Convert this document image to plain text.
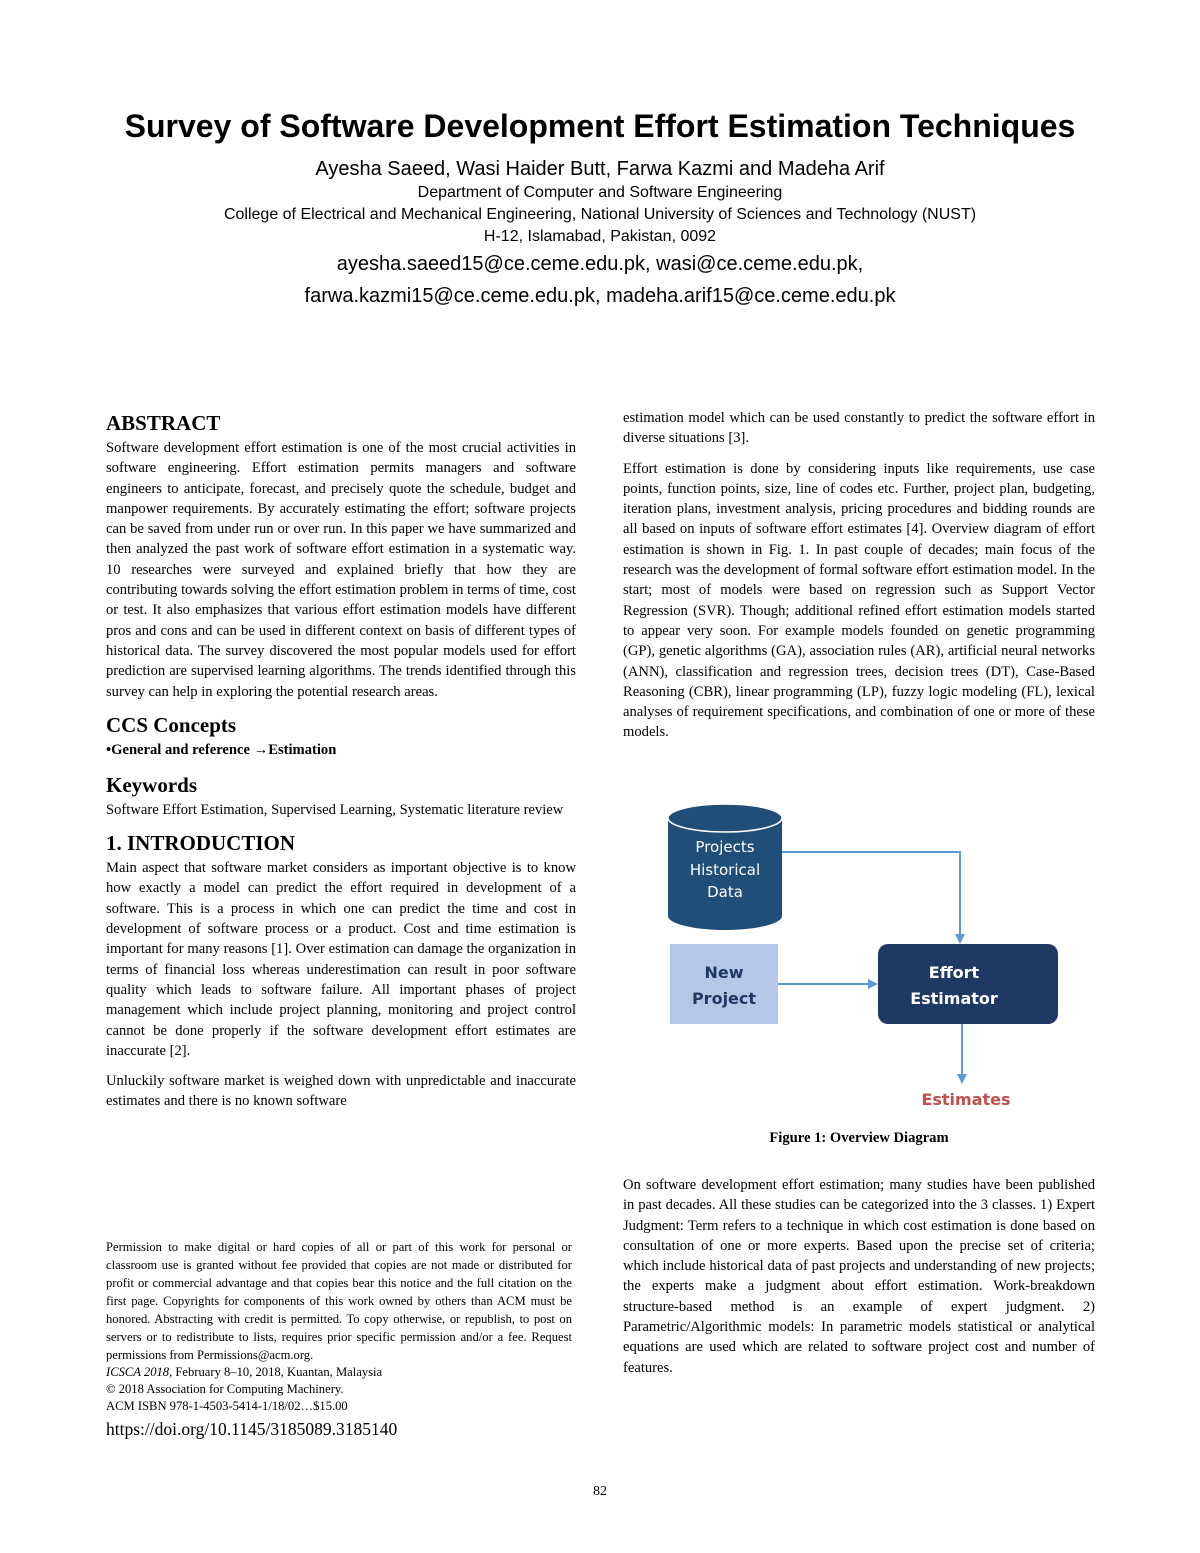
Survey of Software Development Effort Estimation Techniques
Ayesha Saeed, Wasi Haider Butt, Farwa Kazmi and Madeha Arif
Department of Computer and Software Engineering
College of Electrical and Mechanical Engineering, National University of Sciences and Technology (NUST)
H-12, Islamabad, Pakistan, 0092
ayesha.saeed15@ce.ceme.edu.pk, wasi@ce.ceme.edu.pk,
farwa.kazmi15@ce.ceme.edu.pk, madeha.arif15@ce.ceme.edu.pk
ABSTRACT

Software development effort estimation is one of the most crucial activities in software engineering. Effort estimation permits managers and software engineers to anticipate, forecast, and precisely quote the schedule, budget and manpower requirements. By accurately estimating the effort; software projects can be saved from under run or over run. In this paper we have summarized and then analyzed the past work of software effort estimation in a systematic way. 10 researches were surveyed and explained briefly that how they are contributing towards solving the effort estimation problem in terms of time, cost or test. It also emphasizes that various effort estimation models have different pros and cons and can be used in different context on basis of different types of historical data. The survey discovered the most popular models used for effort prediction are supervised learning algorithms. The trends identified through this survey can help in exploring the potential research areas.

CCS Concepts
•General and reference →Estimation
Keywords

Software Effort Estimation, Supervised Learning, Systematic literature review

1. INTRODUCTION

Main aspect that software market considers as important objective is to know how exactly a model can predict the effort required in development of a software. This is a process in which one can predict the time and cost in development of software process or a product. Cost and time estimation is important for many reasons [1]. Over estimation can damage the organization in terms of financial loss whereas underestimation can result in poor software quality which leads to software failure. All important phases of project management which include project planning, monitoring and project control cannot be done properly if the software development effort estimates are inaccurate [2].

Unluckily software market is weighed down with unpredictable and inaccurate estimates and there is no known software

Permission to make digital or hard copies of all or part of this work for personal or classroom use is granted without fee provided that copies are not made or distributed for profit or commercial advantage and that copies bear this notice and the full citation on the first page. Copyrights for components of this work owned by others than ACM must be honored. Abstracting with credit is permitted. To copy otherwise, or republish, to post on servers or to redistribute to lists, requires prior specific permission and/or a fee. Request permissions from Permissions@acm.org.

ICSCA 2018, February 8–10, 2018, Kuantan, Malaysia
© 2018 Association for Computing Machinery.
ACM ISBN 978-1-4503-5414-1/18/02…$15.00
https://doi.org/10.1145/3185089.3185140

estimation model which can be used constantly to predict the software effort in diverse situations [3].

Effort estimation is done by considering inputs like requirements, use case points, function points, size, line of codes etc. Further, project plan, budgeting, iteration plans, investment analysis, pricing procedures and bidding rounds are all based on inputs of software effort estimates [4]. Overview diagram of effort estimation is shown in Fig. 1. In past couple of decades; main focus of the research was the development of formal software effort estimation model. In the start; most of models were based on regression such as Support Vector Regression (SVR). Though; additional refined effort estimation models started to appear very soon. For example models founded on genetic programming (GP), genetic algorithms (GA), association rules (AR), artificial neural networks (ANN), classification and regression trees, decision trees (DT), Case-Based Reasoning (CBR), linear programming (LP), fuzzy logic modeling (FL), lexical analyses of requirement specifications, and combination of one or more of these models.

Projects
Historical
Data
New
Project
Effort
Estimator
Estimates
Figure 1: Overview Diagram

On software development effort estimation; many studies have been published in past decades. All these studies can be categorized into the 3 classes. 1) Expert Judgment: Term refers to a technique in which cost estimation is done based on consultation of one or more experts. Based upon the precise set of criteria; which include historical data of past projects and understanding of new projects; the experts make a judgment about effort estimation. Work-breakdown structure-based method is an example of expert judgment. 2) Parametric/Algorithmic models: In parametric models statistical or analytical equations are used which are related to software project cost and number of features.

82
